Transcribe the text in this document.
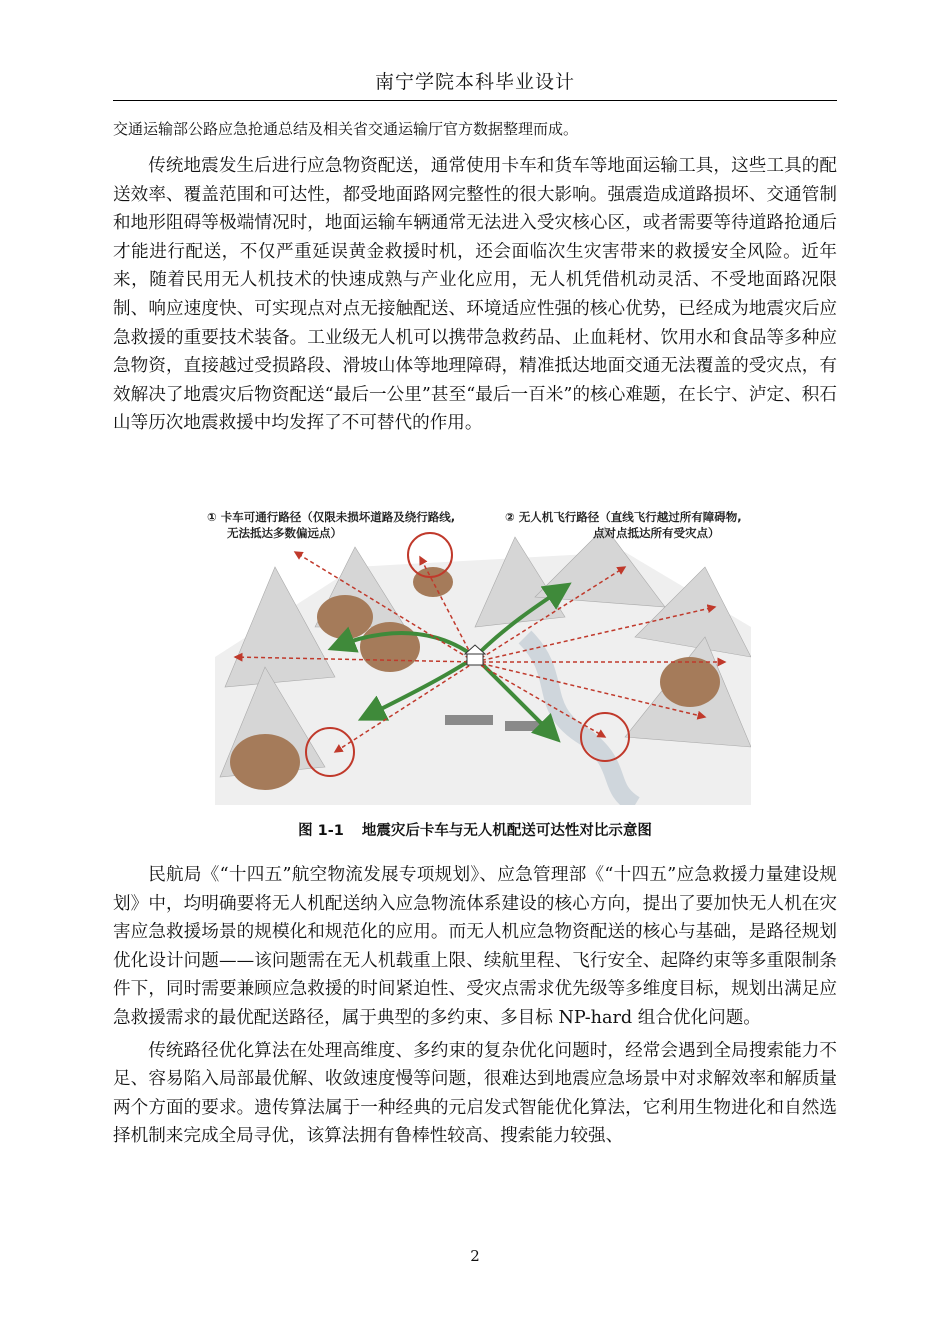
南宁学院本科毕业设计

交通运输部公路应急抢通总结及相关省交通运输厅官方数据整理而成。

传统地震发生后进行应急物资配送，通常使用卡车和货车等地面运输工具，这些工具的配送效率、覆盖范围和可达性，都受地面路网完整性的很大影响。强震造成道路损坏、交通管制和地形阻碍等极端情况时，地面运输车辆通常无法进入受灾核心区，或者需要等待道路抢通后才能进行配送，不仅严重延误黄金救援时机，还会面临次生灾害带来的救援安全风险。近年来，随着民用无人机技术的快速成熟与产业化应用，无人机凭借机动灵活、不受地面路况限制、响应速度快、可实现点对点无接触配送、环境适应性强的核心优势，已经成为地震灾后应急救援的重要技术装备。工业级无人机可以携带急救药品、止血耗材、饮用水和食品等多种应急物资，直接越过受损路段、滑坡山体等地理障碍，精准抵达地面交通无法覆盖的受灾点，有效解决了地震灾后物资配送“最后一公里”甚至“最后一百米”的核心难题，在长宁、泸定、积石山等历次地震救援中均发挥了不可替代的作用。

① 卡车可通行路径（仅限未损坏道路及绕行路线,
无法抵达多数偏远点）
② 无人机飞行路径（直线飞行越过所有障碍物,
点对点抵达所有受灾点）
图 1-1 地震灾后卡车与无人机配送可达性对比示意图

民航局《“十四五”航空物流发展专项规划》、应急管理部《“十四五”应急救援力量建设规划》中，均明确要将无人机配送纳入应急物流体系建设的核心方向，提出了要加快无人机在灾害应急救援场景的规模化和规范化的应用。而无人机应急物资配送的核心与基础，是路径规划优化设计问题——该问题需在无人机载重上限、续航里程、飞行安全、起降约束等多重限制条件下，同时需要兼顾应急救援的时间紧迫性、受灾点需求优先级等多维度目标，规划出满足应急救援需求的最优配送路径，属于典型的多约束、多目标 NP-hard 组合优化问题。

传统路径优化算法在处理高维度、多约束的复杂优化问题时，经常会遇到全局搜索能力不足、容易陷入局部最优解、收敛速度慢等问题，很难达到地震应急场景中对求解效率和解质量两个方面的要求。遗传算法属于一种经典的元启发式智能优化算法，它利用生物进化和自然选择机制来完成全局寻优，该算法拥有鲁棒性较高、搜索能力较强、

2
